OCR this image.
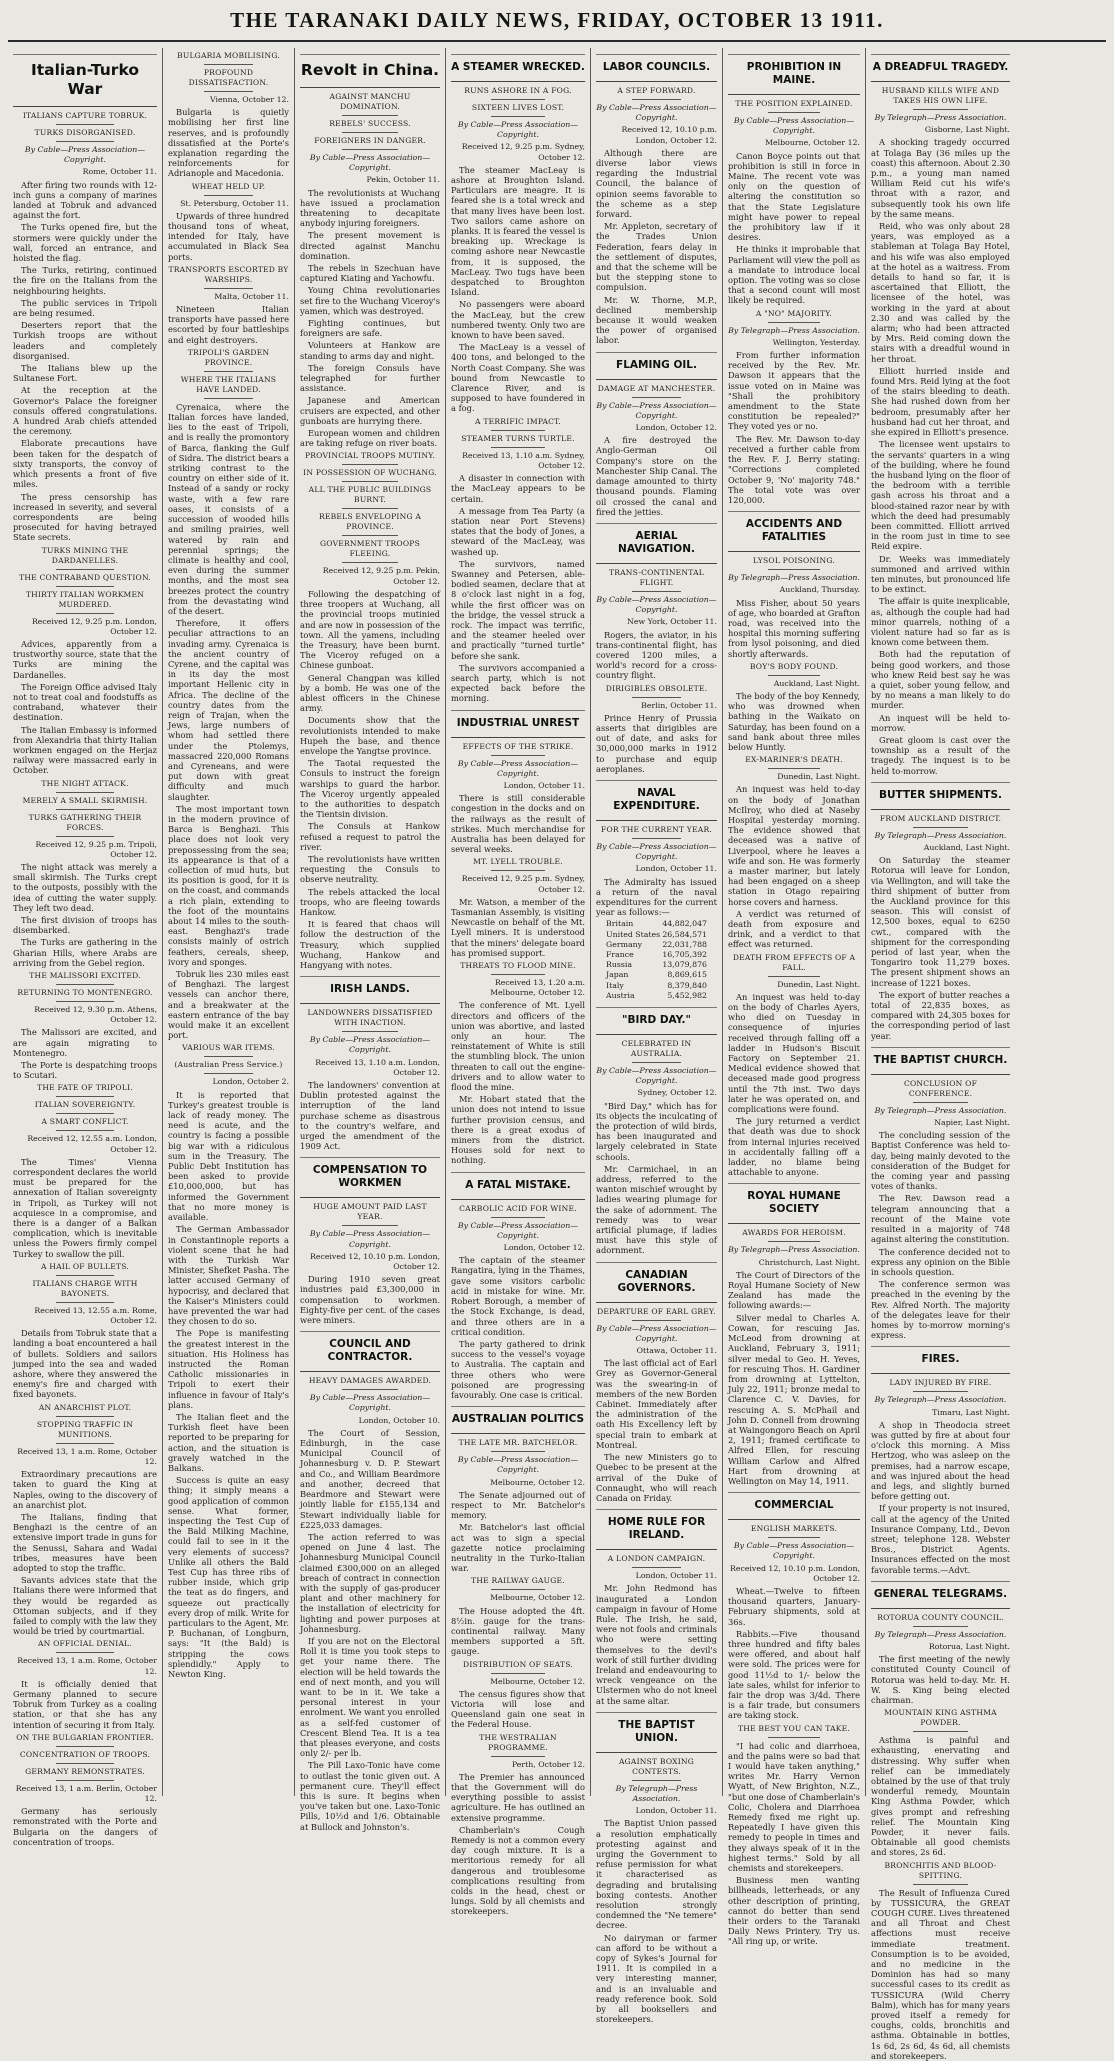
THE TARANAKI DAILY NEWS, FRIDAY, OCTOBER 13 1911.
Italian-Turko War
ITALIANS CAPTURE TOBRUK.
TURKS DISORGANISED.
By Cable—Press Association—Copyright.
Rome, October 11.

After firing two rounds with 12-inch guns a company of marines landed at Tobruk and advanced against the fort.

The Turks opened fire, but the stormers were quickly under the wall, forced an entrance, and hoisted the flag.

The Turks, retiring, continued the fire on the Italians from the neighbouring heights.

The public services in Tripoli are being resumed.

Deserters report that the Turkish troops are without leaders and completely disorganised.

The Italians blew up the Sultanese Fort.

At the reception at the Governor's Palace the foreigner consuls offered congratulations. A hundred Arab chiefs attended the ceremony.

Elaborate precautions have been taken for the despatch of sixty transports, the convoy of which presents a front of five miles.

The press censorship has increased in severity, and several correspondents are being prosecuted for having betrayed State secrets.

TURKS MINING THE DARDANELLES.
THE CONTRABAND QUESTION.
THIRTY ITALIAN WORKMEN MURDERED.
Received 12, 9.25 p.m. London, October 12.

Advices, apparently from a trustworthy source, state that the Turks are mining the Dardanelles.

The Foreign Office advised Italy not to treat coal and foodstuffs as contraband, whatever their destination.

The Italian Embassy is informed from Alexandria that thirty Italian workmen engaged on the Herjaz railway were massacred early in October.

THE NIGHT ATTACK.
MERELY A SMALL SKIRMISH.
TURKS GATHERING THEIR FORCES.
Received 12, 9.25 p.m. Tripoli, October 12.

The night attack was merely a small skirmish. The Turks crept to the outposts, possibly with the idea of cutting the water supply. They left two dead.

The first division of troops has disembarked.

The Turks are gathering in the Gharian Hills, where Arabs are arriving from the Gebel region.

THE MALISSORI EXCITED.
RETURNING TO MONTENEGRO.
Received 12, 9.30 p.m. Athens, October 12.

The Malissori are excited, and are again migrating to Montenegro.

The Porte is despatching troops to Scutari.

THE FATE OF TRIPOLI.
ITALIAN SOVEREIGNTY.
A SMART CONFLICT.
Received 12, 12.55 a.m. London, October 12.

The Times' Vienna correspondent declares the world must be prepared for the annexation of Italian sovereignty in Tripoli, as Turkey will not acquiesce in a compromise, and there is a danger of a Balkan complication, which is inevitable unless the Powers firmly compel Turkey to swallow the pill.

A HAIL OF BULLETS.
ITALIANS CHARGE WITH BAYONETS.
Received 13, 12.55 a.m. Rome, October 12.

Details from Tobruk state that a landing a boat encountered a hail of bullets. Soldiers and sailors jumped into the sea and waded ashore, where they answered the enemy's fire and charged with fixed bayonets.

AN ANARCHIST PLOT.
STOPPING TRAFFIC IN MUNITIONS.
Received 13, 1 a.m. Rome, October 12.

Extraordinary precautions are taken to guard the King at Naples, owing to the discovery of an anarchist plot.

The Italians, finding that Benghazi is the centre of an extensive import trade in guns for the Senussi, Sahara and Wadai tribes, measures have been adopted to stop the traffic.

Savants advices state that the Italians there were informed that they would be regarded as Ottoman subjects, and if they failed to comply with the law they would be tried by courtmartial.

AN OFFICIAL DENIAL.
Received 13, 1 a.m. Rome, October 12.

It is officially denied that Germany planned to secure Tobruk from Turkey as a coaling station, or that she has any intention of securing it from Italy.

ON THE BULGARIAN FRONTIER.
CONCENTRATION OF TROOPS.
GERMANY REMONSTRATES.
Received 13, 1 a.m. Berlin, October 12.

Germany has seriously remonstrated with the Porte and Bulgaria on the dangers of concentration of troops.

BULGARIA MOBILISING.
PROFOUND DISSATISFACTION.
Vienna, October 12.

Bulgaria is quietly mobilising her first line reserves, and is profoundly dissatisfied at the Porte's explanation regarding the reinforcements for Adrianople and Macedonia.

WHEAT HELD UP.
St. Petersburg, October 11.

Upwards of three hundred thousand tons of wheat, intended for Italy, have accumulated in Black Sea ports.

TRANSPORTS ESCORTED BY WARSHIPS.
Malta, October 11.

Nineteen Italian transports have passed here escorted by four battleships and eight destroyers.

TRIPOLI'S GARDEN PROVINCE.
WHERE THE ITALIANS HAVE LANDED.

Cyrenaica, where the Italian forces have landed, lies to the east of Tripoli, and is really the promontory of Barca, flanking the Gulf of Sidra. The district bears a striking contrast to the country on either side of it. Instead of a sandy or rocky waste, with a few rare oases, it consists of a succession of wooded hills and smiling prairies, well watered by rain and perennial springs; the climate is healthy and cool, even during the summer months, and the most sea breezes protect the country from the devastating wind of the desert.

Therefore, it offers peculiar attractions to an invading army. Cyrenaica is the ancient country of Cyrene, and the capital was in its day the most important Hellenic city in Africa. The decline of the country dates from the reign of Trajan, when the Jews, large numbers of whom had settled there under the Ptolemys, massacred 220,000 Romans and Cyreneans, and were put down with great difficulty and much slaughter.

The most important town in the modern province of Barca is Benghazi. This place does not look very prepossessing from the sea; its appearance is that of a collection of mud huts, but its position is good, for it is on the coast, and commands a rich plain, extending to the foot of the mountains about 14 miles to the south-east. Benghazi's trade consists mainly of ostrich feathers, cereals, sheep, ivory and sponges.

Tobruk lies 230 miles east of Benghazi. The largest vessels can anchor there, and a breakwater at the eastern entrance of the bay would make it an excellent port.

VARIOUS WAR ITEMS.
(Australian Press Service.)
London, October 2.

It is reported that Turkey's greatest trouble is lack of ready money. The need is acute, and the country is facing a possible big war with a ridiculous sum in the Treasury. The Public Debt Institution has been asked to provide £10,000,000, but has informed the Government that no more money is available.

The German Ambassador in Constantinople reports a violent scene that he had with the Turkish War Minister, Shefket Pasha. The latter accused Germany of hypocrisy, and declared that the Kaiser's Ministers could have prevented the war had they chosen to do so.

The Pope is manifesting the greatest interest in the situation. His Holiness has instructed the Roman Catholic missionaries in Tripoli to exert their influence in favour of Italy's plans.

The Italian fleet and the Turkish fleet have been reported to be preparing for action, and the situation is gravely watched in the Balkans.

Success is quite an easy thing; it simply means a good application of common sense. What former, inspecting the Test Cup of the Bald Milking Machine, could fail to see in it the very elements of success? Unlike all others the Bald Test Cup has three ribs of rubber inside, which grip the teat as do fingers, and squeeze out practically every drop of milk. Write for particulars to the Agent, Mr. P. Buchanan, of Longburn, says: "It (the Bald) is stripping the cows splendidly." Apply to Newton King.

Revolt in China.
AGAINST MANCHU DOMINATION.
REBELS' SUCCESS.
FOREIGNERS IN DANGER.
By Cable—Press Association—Copyright.
Pekin, October 11.

The revolutionists at Wuchang have issued a proclamation threatening to decapitate anybody injuring foreigners.

The present movement is directed against Manchu domination.

The rebels in Szechuan have captured Kiating and Yachowfu.

Young China revolutionaries set fire to the Wuchang Viceroy's yamen, which was destroyed.

Fighting continues, but foreigners are safe.

Volunteers at Hankow are standing to arms day and night.

The foreign Consuls have telegraphed for further assistance.

Japanese and American cruisers are expected, and other gunboats are hurrying there.

European women and children are taking refuge on river boats.

PROVINCIAL TROOPS MUTINY.
IN POSSESSION OF WUCHANG.
ALL THE PUBLIC BUILDINGS BURNT.
REBELS ENVELOPING A PROVINCE.
GOVERNMENT TROOPS FLEEING.
Received 12, 9.25 p.m. Pekin, October 12.

Following the despatching of three troopers at Wuchang, all the provincial troops mutinied and are now in possession of the town. All the yamens, including the Treasury, have been burnt. The Viceroy refuged on a Chinese gunboat.

General Changpan was killed by a bomb. He was one of the ablest officers in the Chinese army.

Documents show that the revolutionists intended to make Hupeh the base, and thence envelope the Yangtse province.

The Taotai requested the Consuls to instruct the foreign warships to guard the harbor. The Viceroy urgently appealed to the authorities to despatch the Tientsin division.

The Consuls at Hankow refused a request to patrol the river.

The revolutionists have written requesting the Consuls to observe neutrality.

The rebels attacked the local troops, who are fleeing towards Hankow.

It is feared that chaos will follow the destruction of the Treasury, which supplied Wuchang, Hankow and Hangyang with notes.

IRISH LANDS.
LANDOWNERS DISSATISFIED WITH INACTION.
By Cable—Press Association—Copyright.
Received 13, 1.10 a.m. London, October 12.

The landowners' convention at Dublin protested against the interruption of the land purchase scheme as disastrous to the country's welfare, and urged the amendment of the 1909 Act.

COMPENSATION TO WORKMEN
HUGE AMOUNT PAID LAST YEAR.
By Cable—Press Association—Copyright.
Received 12, 10.10 p.m. London, October 12.

During 1910 seven great industries paid £3,300,000 in compensation to workmen. Eighty-five per cent. of the cases were miners.

COUNCIL AND CONTRACTOR.
HEAVY DAMAGES AWARDED.
By Cable—Press Association—Copyright.
London, October 10.

The Court of Session, Edinburgh, in the case Municipal Council of Johannesburg v. D. P. Stewart and Co., and William Beardmore and another, decreed that Beardmore and Stewart were jointly liable for £155,134 and Stewart individually liable for £225,033 damages.

The action referred to was opened on June 4 last. The Johannesburg Municipal Council claimed £300,000 on an alleged breach of contract in connection with the supply of gas-producer plant and other machinery for the installation of electricity for lighting and power purposes at Johannesburg.

If you are not on the Electoral Roll it is time you took steps to get your name there. The election will be held towards the end of next month, and you will want to be in it. We take a personal interest in your enrolment. We want you enrolled as a self-fed customer of Crescent Blend Tea. It is a tea that pleases everyone, and costs only 2/- per lb.

The Pill Laxo-Tonic have come to outlast the tonic given out. A permanent cure. They'll effect this is sure. It begins when you've taken but one. Laxo-Tonic Pills, 10½d and 1/6. Obtainable at Bullock and Johnston's.

A STEAMER WRECKED.
RUNS ASHORE IN A FOG.
SIXTEEN LIVES LOST.
By Cable—Press Association—Copyright.
Received 12, 9.25 p.m. Sydney, October 12.

The steamer MacLeay is ashore at Broughton Island. Particulars are meagre. It is feared she is a total wreck and that many lives have been lost. Two sailors came ashore on planks. It is feared the vessel is breaking up. Wreckage is coming ashore near Newcastle from, it is supposed, the MacLeay. Two tugs have been despatched to Broughton Island.

No passengers were aboard the MacLeay, but the crew numbered twenty. Only two are known to have been saved.

The MacLeay is a vessel of 400 tons, and belonged to the North Coast Company. She was bound from Newcastle to Clarence River, and is supposed to have foundered in a fog.

A TERRIFIC IMPACT.
STEAMER TURNS TURTLE.
Received 13, 1.10 a.m. Sydney, October 12.

A disaster in connection with the MacLeay appears to be certain.

A message from Tea Party (a station near Port Stevens) states that the body of Jones, a steward of the MacLeay, was washed up.

The survivors, named Swanney and Petersen, able-bodied seamen, declare that at 8 o'clock last night in a fog, while the first officer was on the bridge, the vessel struck a rock. The impact was terrific, and the steamer heeled over and practically "turned turtle" before she sank.

The survivors accompanied a search party, which is not expected back before the morning.

INDUSTRIAL UNREST
EFFECTS OF THE STRIKE.
By Cable—Press Association—Copyright.
London, October 11.

There is still considerable congestion in the docks and on the railways as the result of strikes. Much merchandise for Australia has been delayed for several weeks.

MT. LYELL TROUBLE.
Received 12, 9.25 p.m. Sydney, October 12.

Mr. Watson, a member of the Tasmanian Assembly, is visiting Newcastle on behalf of the Mt. Lyell miners. It is understood that the miners' delegate board has promised support.

THREATS TO FLOOD MINE.
Received 13, 1.20 a.m. Melbourne, October 12.

The conference of Mt. Lyell directors and officers of the union was abortive, and lasted only an hour. The reinstatement of White is still the stumbling block. The union threaten to call out the engine-drivers and to allow water to flood the mine.

Mr. Hobart stated that the union does not intend to issue further provision census, and there is a great exodus of miners from the district. Houses sold for next to nothing.

A FATAL MISTAKE.
CARBOLIC ACID FOR WINE.
By Cable—Press Association—Copyright.
London, October 12.

The captain of the steamer Rangatira, lying in the Thames, gave some visitors carbolic acid in mistake for wine. Mr. Robert Borough, a member of the Stock Exchange, is dead, and three others are in a critical condition.

The party gathered to drink success to the vessel's voyage to Australia. The captain and three others who were poisoned are progressing favourably. One case is critical.

AUSTRALIAN POLITICS
THE LATE MR. BATCHELOR.
By Cable—Press Association—Copyright.
Melbourne, October 12.

The Senate adjourned out of respect to Mr. Batchelor's memory.

Mr. Batchelor's last official act was to sign a special gazette notice proclaiming neutrality in the Turko-Italian war.

THE RAILWAY GAUGE.
Melbourne, October 12.

The House adopted the 4ft. 8½in. gauge for the trans-continental railway. Many members supported a 5ft. gauge.

DISTRIBUTION OF SEATS.
Melbourne, October 12.

The census figures show that Victoria will lose and Queensland gain one seat in the Federal House.

THE WESTRALIAN PROGRAMME.
Perth, October 12.

The Premier has announced that the Government will do everything possible to assist agriculture. He has outlined an extensive programme.

Chamberlain's Cough Remedy is not a common every day cough mixture. It is a meritorious remedy for all dangerous and troublesome complications resulting from colds in the head, chest or lungs. Sold by all chemists and storekeepers.

LABOR COUNCILS.
A STEP FORWARD.
By Cable—Press Association—Copyright.
Received 12, 10.10 p.m. London, October 12.

Although there are diverse labor views regarding the Industrial Council, the balance of opinion seems favorable to the scheme as a step forward.

Mr. Appleton, secretary of the Trades Union Federation, fears delay in the settlement of disputes, and that the scheme will be but the stepping stone to compulsion.

Mr. W. Thorne, M.P., declined membership because it would weaken the power of organised labor.

FLAMING OIL.
DAMAGE AT MANCHESTER.
By Cable—Press Association—Copyright.
London, October 12.

A fire destroyed the Anglo-German Oil Company's store on the Manchester Ship Canal. The damage amounted to thirty thousand pounds. Flaming oil crossed the canal and fired the jetties.

AERIAL NAVIGATION.
TRANS-CONTINENTAL FLIGHT.
By Cable—Press Association—Copyright.
New York, October 11.

Rogers, the aviator, in his trans-continental flight, has covered 1200 miles, a world's record for a cross-country flight.

DIRIGIBLES OBSOLETE.
Berlin, October 11.

Prince Henry of Prussia asserts that dirigibles are out of date, and asks for 30,000,000 marks in 1912 to purchase and equip aeroplanes.

NAVAL EXPENDITURE.
FOR THE CURRENT YEAR.
By Cable—Press Association—Copyright.
London, October 11.

The Admiralty has issued a return of the naval expenditures for the current year as follows:—

Britain	44,882,047
United States 26,584,571
Germany	22,031,788
France	16,705,392
Russia	13,079,876
Japan	8,869,615
Italy	8,379,840
Austria	5,452,982
"BIRD DAY."
CELEBRATED IN AUSTRALIA.
By Cable—Press Association—Copyright.
Sydney, October 12.

"Bird Day," which has for its objects the inculcating of the protection of wild birds, has been inaugurated and largely celebrated in State schools.

Mr. Carmichael, in an address, referred to the wanton mischief wrought by ladies wearing plumage for the sake of adornment. The remedy was to wear artificial plumage, if ladies must have this style of adornment.

CANADIAN GOVERNORS.
DEPARTURE OF EARL GREY.
By Cable—Press Association—Copyright.
Ottawa, October 11.

The last official act of Earl Grey as Governor-General was the swearing-in of members of the new Borden Cabinet. Immediately after the administration of the oath His Excellency left by special train to embark at Montreal.

The new Ministers go to Quebec to be present at the arrival of the Duke of Connaught, who will reach Canada on Friday.

HOME RULE FOR IRELAND.
A LONDON CAMPAIGN.
London, October 11.

Mr. John Redmond has inaugurated a London campaign in favour of Home Rule. The Irish, he said, were not fools and criminals who were setting themselves to the devil's work of still further dividing Ireland and endeavouring to wreck vengeance on the Ulstermen who do not kneel at the same altar.

THE BAPTIST UNION.
AGAINST BOXING CONTESTS.
By Telegraph—Press Association.
London, October 11.

The Baptist Union passed a resolution emphatically protesting against and urging the Government to refuse permission for what it characterised as degrading and brutalising boxing contests. Another resolution strongly condemned the "Ne temere" decree.

No dairyman or farmer can afford to be without a copy of Sykes's Journal for 1911. It is compiled in a very interesting manner, and is an invaluable and ready reference book. Sold by all booksellers and storekeepers.

PROHIBITION IN MAINE.
THE POSITION EXPLAINED.
By Cable—Press Association—Copyright.
Melbourne, October 12.

Canon Boyce points out that prohibition is still in force in Maine. The recent vote was only on the question of altering the constitution so that the State Legislature might have power to repeal the prohibitory law if it desires.

He thinks it improbable that Parliament will view the poll as a mandate to introduce local option. The voting was so close that a second count will most likely be required.

A "NO" MAJORITY.
By Telegraph—Press Association.
Wellington, Yesterday.

From further information received by the Rev. Mr. Dawson it appears that the issue voted on in Maine was "Shall the prohibitory amendment to the State constitution be repealed?" They voted yes or no.

The Rev. Mr. Dawson to-day received a further cable from the Rev. F. J. Berry stating: "Corrections completed October 9, 'No' majority 748." The total vote was over 120,000.

ACCIDENTS AND FATALITIES
LYSOL POISONING.
By Telegraph—Press Association.
Auckland, Thursday.

Miss Fisher, about 50 years of age, who boarded at Grafton road, was received into the hospital this morning suffering from lysol poisoning, and died shortly afterwards.

BOY'S BODY FOUND.
Auckland, Last Night.

The body of the boy Kennedy, who was drowned when bathing in the Waikato on Saturday, has been found on a sand bank about three miles below Huntly.

EX-MARINER'S DEATH.
Dunedin, Last Night.

An inquest was held to-day on the body of Jonathan McIlroy, who died at Naseby Hospital yesterday morning. The evidence showed that deceased was a native of Liverpool, where he leaves a wife and son. He was formerly a master mariner, but lately had been engaged on a sheep station in Otago repairing horse covers and harness.

A verdict was returned of death from exposure and drink, and a verdict to that effect was returned.

DEATH FROM EFFECTS OF A FALL.
Dunedin, Last Night.

An inquest was held to-day on the body of Charles Ayers, who died on Tuesday in consequence of injuries received through falling off a ladder in Hudson's Biscuit Factory on September 21. Medical evidence showed that deceased made good progress until the 7th inst. Two days later he was operated on, and complications were found.

The jury returned a verdict that death was due to shock from internal injuries received in accidentally falling off a ladder, no blame being attachable to anyone.

ROYAL HUMANE SOCIETY
AWARDS FOR HEROISM.
By Telegraph—Press Association.
Christchurch, Last Night.

The Court of Directors of the Royal Humane Society of New Zealand has made the following awards:—

Silver medal to Charles A. Cowan, for rescuing Jas. McLeod from drowning at Auckland, February 3, 1911; silver medal to Geo. H. Yeves, for rescuing Thos. H. Gardiner from drowning at Lyttelton, July 22, 1911; bronze medal to Clarence C. V. Davies, for rescuing A. S. McPhail and John D. Connell from drowning at Waingongoro Beach on April 2, 1911; framed certificate to Alfred Ellen, for rescuing William Carlow and Alfred Hart from drowning at Wellington on May 14, 1911.

COMMERCIAL
ENGLISH MARKETS.
By Cable—Press Association—Copyright.
Received 12, 10.10 p.m. London, October 12.

Wheat.—Twelve to fifteen thousand quarters, January-February shipments, sold at 36s.

Rabbits.—Five thousand three hundred and fifty bales were offered, and about half were sold. The prices were for good 11½d to 1/- below the late sales, whilst for inferior to fair the drop was 3/4d. There is a fair trade, but consumers are taking stock.

THE BEST YOU CAN TAKE.

"I had colic and diarrhoea, and the pains were so bad that I would have taken anything," writes Mr. Harry Vernon Wyatt, of New Brighton, N.Z., "but one dose of Chamberlain's Colic, Cholera and Diarrhoea Remedy fixed me right up. Repeatedly I have given this remedy to people in times and they always speak of it in the highest terms." Sold by all chemists and storekeepers.

Business men wanting billheads, letterheads, or any other description of printing, cannot do better than send their orders to the Taranaki Daily News Printery. Try us. "All ring up, or write.

A DREADFUL TRAGEDY.
HUSBAND KILLS WIFE AND TAKES HIS OWN LIFE.
By Telegraph—Press Association.
Gisborne, Last Night.

A shocking tragedy occurred at Tolaga Bay (36 miles up the coast) this afternoon. About 2.30 p.m., a young man named William Reid cut his wife's throat with a razor, and subsequently took his own life by the same means.

Reid, who was only about 28 years, was employed as a stableman at Tolaga Bay Hotel, and his wife was also employed at the hotel as a waitress. From details to hand so far, it is ascertained that Elliott, the licensee of the hotel, was working in the yard at about 2.30 and was called by the alarm; who had been attracted by Mrs. Reid coming down the stairs with a dreadful wound in her throat.

Elliott hurried inside and found Mrs. Reid lying at the foot of the stairs bleeding to death. She had rushed down from her bedroom, presumably after her husband had cut her throat, and she expired in Elliott's presence.

The licensee went upstairs to the servants' quarters in a wing of the building, where he found the husband lying on the floor of the bedroom with a terrible gash across his throat and a blood-stained razor near by with which the deed had presumably been committed. Elliott arrived in the room just in time to see Reid expire.

Dr. Weeks was immediately summoned and arrived within ten minutes, but pronounced life to be extinct.

The affair is quite inexplicable, as, although the couple had had minor quarrels, nothing of a violent nature had so far as is known come between them.

Both had the reputation of being good workers, and those who knew Reid best say he was a quiet, sober young fellow, and by no means a man likely to do murder.

An inquest will be held to-morrow.

Great gloom is cast over the township as a result of the tragedy. The inquest is to be held to-morrow.

BUTTER SHIPMENTS.
FROM AUCKLAND DISTRICT.
By Telegraph—Press Association.
Auckland, Last Night.

On Saturday the steamer Rotorua will leave for London, via Wellington, and will take the third shipment of butter from the Auckland province for this season. This will consist of 12,500 boxes, equal to 6250 cwt., compared with the shipment for the corresponding period of last year, when the Tongariro took 11,279 boxes. The present shipment shows an increase of 1221 boxes.

The export of butter reaches a total of 22,835 boxes, as compared with 24,305 boxes for the corresponding period of last year.

THE BAPTIST CHURCH.
CONCLUSION OF CONFERENCE.
By Telegraph—Press Association.
Napier, Last Night.

The concluding session of the Baptist Conference was held to-day, being mainly devoted to the consideration of the Budget for the coming year and passing votes of thanks.

The Rev. Dawson read a telegram announcing that a recount of the Maine vote resulted in a majority of 748 against altering the constitution.

The conference decided not to express any opinion on the Bible in schools question.

The conference sermon was preached in the evening by the Rev. Alfred North. The majority of the delegates leave for their homes by to-morrow morning's express.

FIRES.
LADY INJURED BY FIRE.
By Telegraph—Press Association.
Timaru, Last Night.

A shop in Theodocia street was gutted by fire at about four o'clock this morning. A Miss Hertzog, who was asleep on the premises, had a narrow escape, and was injured about the head and legs, and slightly burned before getting out.

If your property is not insured, call at the agency of the United Insurance Company, Ltd., Devon street; telephone 128. Webster Bros., District Agents. Insurances effected on the most favorable terms.—Advt.

GENERAL TELEGRAMS.
ROTORUA COUNTY COUNCIL.
By Telegraph—Press Association.
Rotorua, Last Night.

The first meeting of the newly constituted County Council of Rotorua was held to-day. Mr. H. W. S. King being elected chairman.

MOUNTAIN KING ASTHMA POWDER.

Asthma is painful and exhausting, enervating and distressing. Why suffer when relief can be immediately obtained by the use of that truly wonderful remedy, Mountain King Asthma Powder, which gives prompt and refreshing relief. The Mountain King Powder, it never fails. Obtainable all good chemists and stores, 2s 6d.

BRONCHITIS AND BLOOD-SPITTING.

The Result of Influenza Cured by TUSSICURA, the GREAT COUGH CURE. Lives threatened and all Throat and Chest affections must receive immediate treatment. Consumption is to be avoided, and no medicine in the Dominion has had so many successful cases to its credit as TUSSICURA (Wild Cherry Balm), which has for many years proved itself a remedy for coughs, colds, bronchitis and asthma. Obtainable in bottles, 1s 6d, 2s 6d, 4s 6d, all chemists and storekeepers.
